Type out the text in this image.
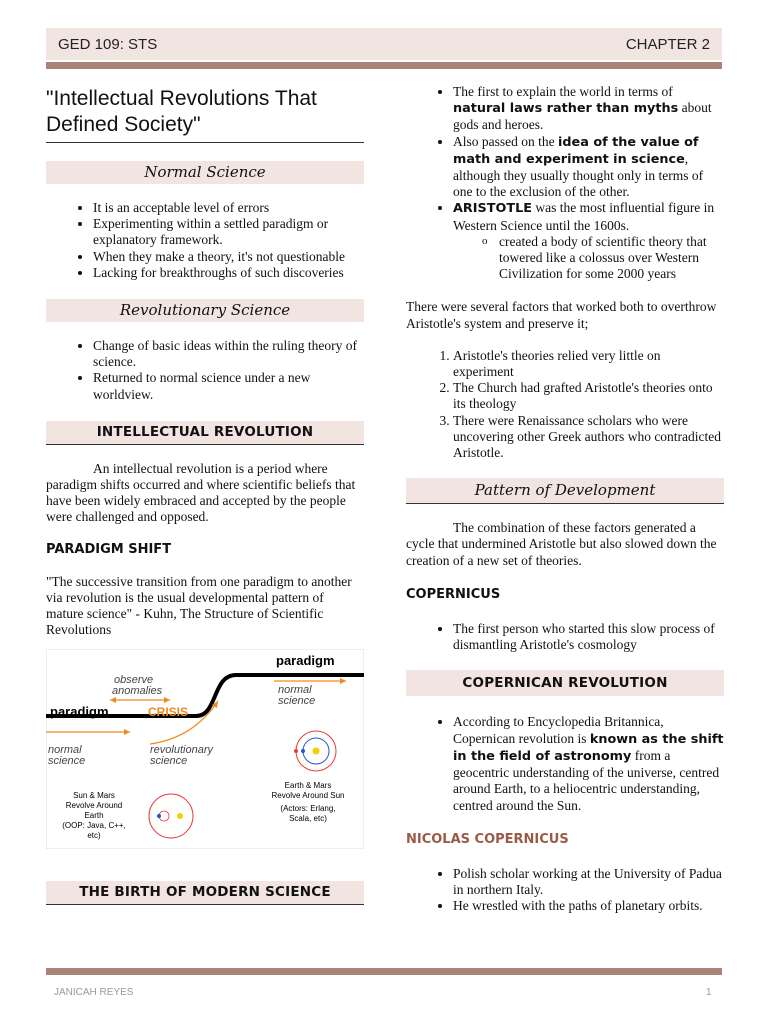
GED 109: STS	CHAPTER 2
"Intellectual Revolutions That Defined Society"
Normal Science
• It is an acceptable level of errors
• Experimenting within a settled paradigm or explanatory framework.
• When they make a theory, it's not questionable
• Lacking for breakthroughs of such discoveries
Revolutionary Science
• Change of basic ideas within the ruling theory of science.
• Returned to normal science under a new worldview.
INTELLECTUAL REVOLUTION

An intellectual revolution is a period where paradigm shifts occurred and where scientific beliefs that have been widely embraced and accepted by the people were challenged and opposed.

PARADIGM SHIFT

"The successive transition from one paradigm to another via revolution is the usual developmental pattern of mature science" - Kuhn, The Structure of Scientific Revolutions

paradigm
paradigm
observe
anomalies
CRISIS
normal
science
normal
science
revolutionary
science
Sun & Mars
Revolve Around
Earth
(OOP: Java, C++,
etc)
Earth & Mars
Revolve Around Sun
(Actors: Erlang,
Scala, etc)
THE BIRTH OF MODERN SCIENCE
• The first to explain the world in terms of natural laws rather than myths about gods and heroes.
• Also passed on the idea of the value of math and experiment in science, although they usually thought only in terms of one to the exclusion of the other.
• ARISTOTLE was the most influential figure in Western Science until the 1600s.
o created a body of scientific theory that towered like a colossus over Western Civilization for some 2000 years

There were several factors that worked both to overthrow Aristotle's system and preserve it;

1. Aristotle's theories relied very little on experiment
2. The Church had grafted Aristotle's theories onto its theology
3. There were Renaissance scholars who were uncovering other Greek authors who contradicted Aristotle.
Pattern of Development

The combination of these factors generated a cycle that undermined Aristotle but also slowed down the creation of a new set of theories.

COPERNICUS

• The first person who started this slow process of dismantling Aristotle's cosmology
COPERNICAN REVOLUTION
• According to Encyclopedia Britannica, Copernican revolution is known as the shift in the field of astronomy from a geocentric understanding of the universe, centred around Earth, to a heliocentric understanding, centred around the Sun.

NICOLAS COPERNICUS

• Polish scholar working at the University of Padua in northern Italy.
• He wrestled with the paths of planetary orbits.
JANICAH REYES	1
